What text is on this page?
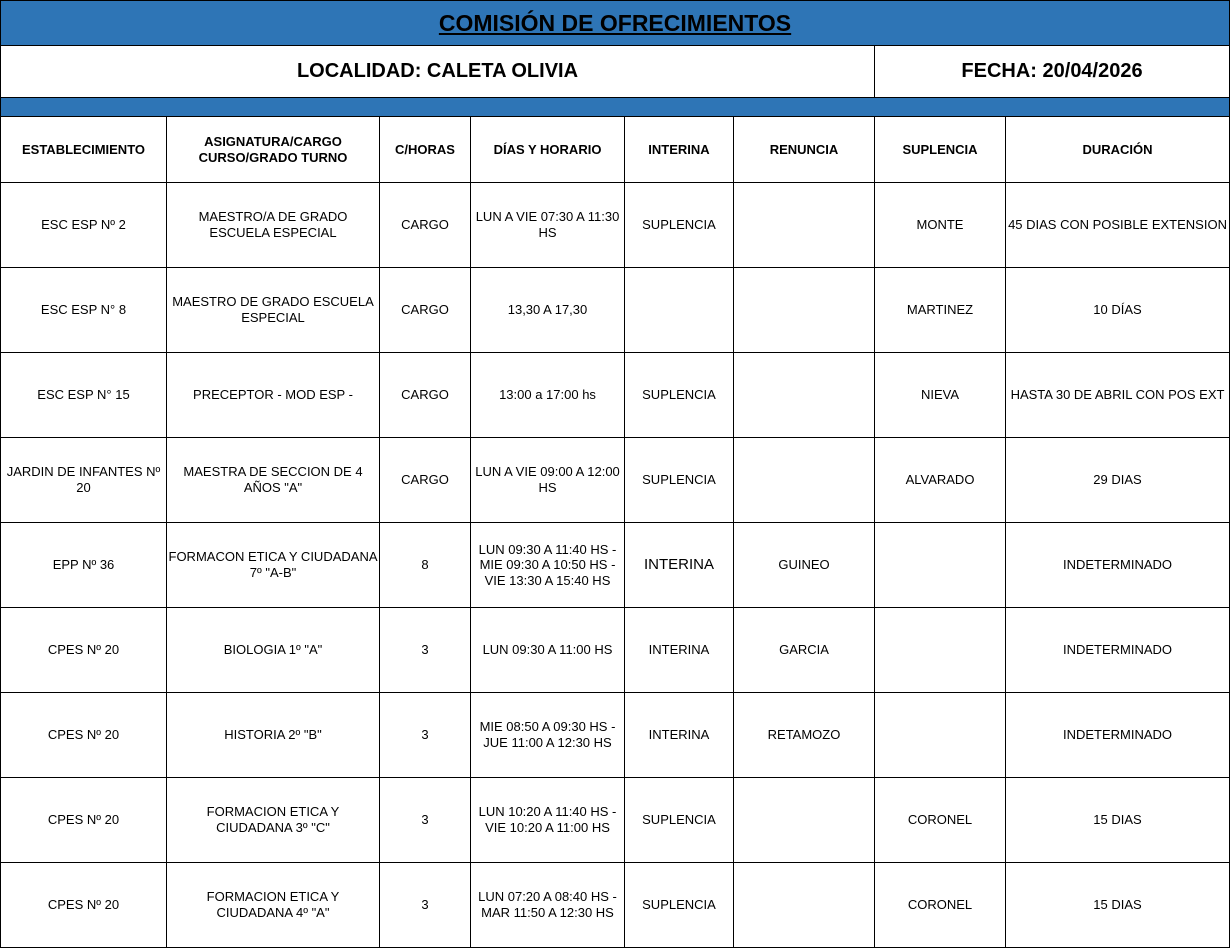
COMISIÓN DE OFRECIMIENTOS							
LOCALIDAD: CALETA OLIVIA						FECHA: 20/04/2026	

ESTABLECIMIENTO	ASIGNATURA/CARGO CURSO/GRADO TURNO	C/HORAS	DÍAS Y HORARIO	INTERINA	RENUNCIA	SUPLENCIA	DURACIÓN
ESC ESP Nº 2	MAESTRO/A DE GRADO ESCUELA ESPECIAL	CARGO	LUN A VIE 07:30 A 11:30 HS	SUPLENCIA		MONTE	45 DIAS CON POSIBLE EXTENSION
ESC ESP N° 8	MAESTRO DE GRADO ESCUELA ESPECIAL	CARGO	13,30 A 17,30			MARTINEZ	10 DÍAS
ESC ESP N° 15	PRECEPTOR - MOD ESP -	CARGO	13:00 a 17:00 hs	SUPLENCIA		NIEVA	HASTA 30 DE ABRIL CON POS EXT
JARDIN DE INFANTES Nº 20	MAESTRA DE SECCION DE 4 AÑOS "A"	CARGO	LUN A VIE 09:00 A 12:00 HS	SUPLENCIA		ALVARADO	29 DIAS
EPP Nº 36	FORMACON ETICA Y CIUDADANA 7º "A-B"	8	LUN 09:30 A 11:40 HS - MIE 09:30 A 10:50 HS - VIE 13:30 A 15:40 HS	INTERINA	GUINEO		INDETERMINADO
CPES Nº 20	BIOLOGIA 1º "A"	3	LUN 09:30 A 11:00 HS	INTERINA	GARCIA		INDETERMINADO
CPES Nº 20	HISTORIA 2º "B"	3	MIE 08:50 A 09:30 HS - JUE 11:00 A 12:30 HS	INTERINA	RETAMOZO		INDETERMINADO
CPES Nº 20	FORMACION ETICA Y CIUDADANA 3º "C"	3	LUN 10:20 A 11:40 HS - VIE 10:20 A 11:00 HS	SUPLENCIA		CORONEL	15 DIAS
CPES Nº 20	FORMACION ETICA Y CIUDADANA 4º "A"	3	LUN 07:20 A 08:40 HS - MAR 11:50 A 12:30 HS	SUPLENCIA		CORONEL	15 DIAS
